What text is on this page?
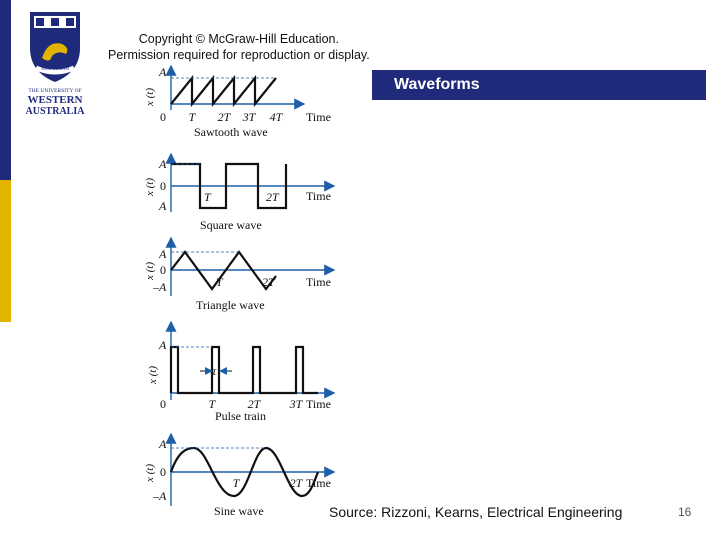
SEEK WISDOM
THE UNIVERSITY OF
WESTERN
AUSTRALIA
Copyright © McGraw-Hill Education.
Permission required for reproduction or display.
Waveforms
A
x (t)
0 T 2T 3T 4T Time
Sawtooth wave
A
x (t) 0
A
T	2T Time
Square wave
A
x (t) 0
–A	T	2T	Time
Triangle wave
τ
A
x (t)
0	T	2T 3T Time
Pulse train
A
x (t) 0
–A
T	2T Time
Sine wave	Source: Rizzoni, Kearns, Electrical Engineering	16
